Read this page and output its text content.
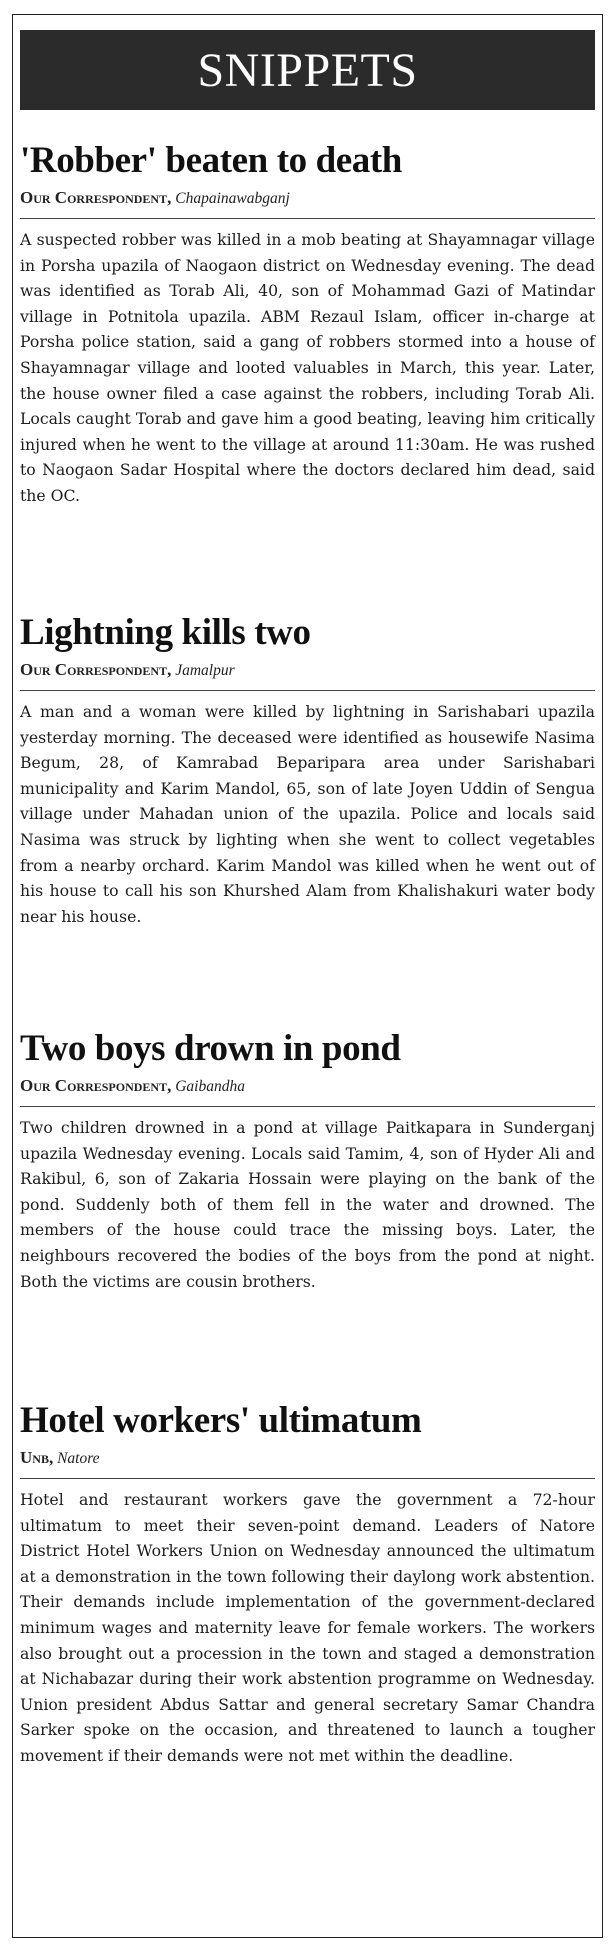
SNIPPETS
'Robber' beaten to death

Our Correspondent, Chapainawabganj

A suspected robber was killed in a mob beating at Shayamnagar village in Porsha upazila of Naogaon district on Wednesday evening. The dead was identified as Torab Ali, 40, son of Mohammad Gazi of Matindar village in Potnitola upazila. ABM Rezaul Islam, officer in-charge at Porsha police station, said a gang of robbers stormed into a house of Shayamnagar village and looted valuables in March, this year. Later, the house owner filed a case against the robbers, including Torab Ali. Locals caught Torab and gave him a good beating, leaving him critically injured when he went to the village at around 11:30am. He was rushed to Naogaon Sadar Hospital where the doctors declared him dead, said the OC.

Lightning kills two

Our Correspondent, Jamalpur

A man and a woman were killed by lightning in Sarishabari upazila yesterday morning. The deceased were identified as housewife Nasima Begum, 28, of Kamrabad Beparipara area under Sarishabari municipality and Karim Mandol, 65, son of late Joyen Uddin of Sengua village under Mahadan union of the upazila. Police and locals said Nasima was struck by lighting when she went to collect vegetables from a nearby orchard. Karim Mandol was killed when he went out of his house to call his son Khurshed Alam from Khalishakuri water body near his house.

Two boys drown in pond

Our Correspondent, Gaibandha

Two children drowned in a pond at village Paitkapara in Sunderganj upazila Wednesday evening. Locals said Tamim, 4, son of Hyder Ali and Rakibul, 6, son of Zakaria Hossain were playing on the bank of the pond. Suddenly both of them fell in the water and drowned. The members of the house could trace the missing boys. Later, the neighbours recovered the bodies of the boys from the pond at night. Both the victims are cousin brothers.

Hotel workers' ultimatum

Unb, Natore

Hotel and restaurant workers gave the government a 72-hour ultimatum to meet their seven-point demand. Leaders of Natore District Hotel Workers Union on Wednesday announced the ultimatum at a demonstration in the town following their daylong work abstention. Their demands include implementation of the government-declared minimum wages and maternity leave for female workers. The workers also brought out a procession in the town and staged a demonstration at Nichabazar during their work abstention programme on Wednesday. Union president Abdus Sattar and general secretary Samar Chandra Sarker spoke on the occasion, and threatened to launch a tougher movement if their demands were not met within the deadline.
